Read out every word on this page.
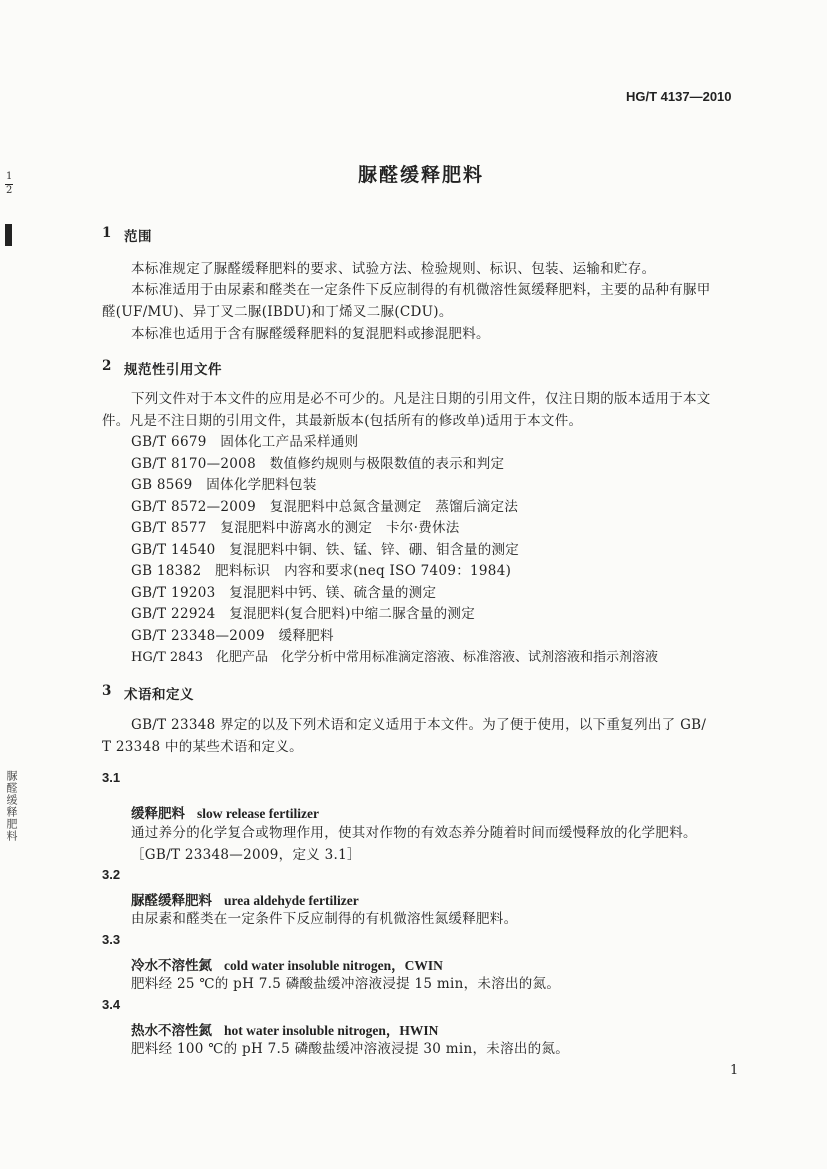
HG/T 4137—2010
脲醛缓释肥料
1
2
脲醛缓释肥料
1 范围
本标准规定了脲醛缓释肥料的要求、试验方法、检验规则、标识、包装、运输和贮存。
本标准适用于由尿素和醛类在一定条件下反应制得的有机微溶性氮缓释肥料，主要的品种有脲甲
醛(UF/MU)、异丁叉二脲(IBDU)和丁烯叉二脲(CDU)。
本标准也适用于含有脲醛缓释肥料的复混肥料或掺混肥料。
2 规范性引用文件
下列文件对于本文件的应用是必不可少的。凡是注日期的引用文件，仅注日期的版本适用于本文
件。凡是不注日期的引用文件，其最新版本(包括所有的修改单)适用于本文件。
GB/T 6679　固体化工产品采样通则
GB/T 8170—2008　数值修约规则与极限数值的表示和判定
GB 8569　固体化学肥料包装
GB/T 8572—2009　复混肥料中总氮含量测定　蒸馏后滴定法
GB/T 8577　复混肥料中游离水的测定　卡尔·费休法
GB/T 14540　复混肥料中铜、铁、锰、锌、硼、钼含量的测定
GB 18382　肥料标识　内容和要求(neq ISO 7409：1984)
GB/T 19203　复混肥料中钙、镁、硫含量的测定
GB/T 22924　复混肥料(复合肥料)中缩二脲含量的测定
GB/T 23348—2009　缓释肥料
HG/T 2843　化肥产品　化学分析中常用标准滴定溶液、标准溶液、试剂溶液和指示剂溶液
3 术语和定义
GB/T 23348 界定的以及下列术语和定义适用于本文件。为了便于使用，以下重复列出了 GB/
T 23348 中的某些术语和定义。
3.1
缓释肥料 slow release fertilizer
通过养分的化学复合或物理作用，使其对作物的有效态养分随着时间而缓慢释放的化学肥料。
［GB/T 23348—2009，定义 3.1］
3.2
脲醛缓释肥料 urea aldehyde fertilizer
由尿素和醛类在一定条件下反应制得的有机微溶性氮缓释肥料。
3.3
冷水不溶性氮 cold water insoluble nitrogen，CWIN
肥料经 25 ℃的 pH 7.5 磷酸盐缓冲溶液浸提 15 min，未溶出的氮。
3.4
热水不溶性氮 hot water insoluble nitrogen，HWIN
肥料经 100 ℃的 pH 7.5 磷酸盐缓冲溶液浸提 30 min，未溶出的氮。
1
